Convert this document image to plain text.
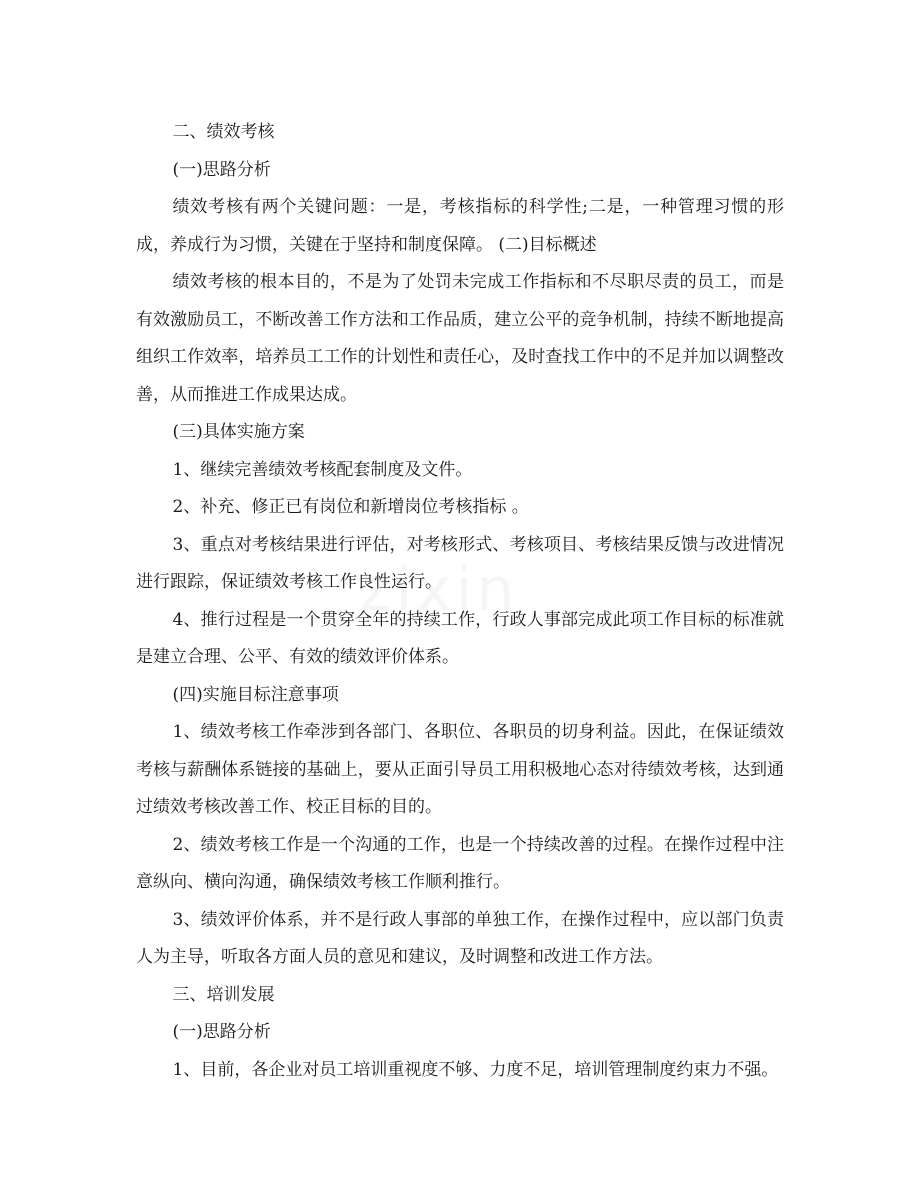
二、绩效考核

(一)思路分析

绩效考核有两个关键问题：一是，考核指标的科学性;二是，一种管理习惯的形成，养成行为习惯，关键在于坚持和制度保障。 (二)目标概述

绩效考核的根本目的，不是为了处罚未完成工作指标和不尽职尽责的员工，而是有效激励员工，不断改善工作方法和工作品质，建立公平的竞争机制，持续不断地提高组织工作效率，培养员工工作的计划性和责任心，及时查找工作中的不足并加以调整改善，从而推进工作成果达成。

(三)具体实施方案

1、继续完善绩效考核配套制度及文件。

2、补充、修正已有岗位和新增岗位考核指标 。

3、重点对考核结果进行评估，对考核形式、考核项目、考核结果反馈与改进情况进行跟踪，保证绩效考核工作良性运行。

4、推行过程是一个贯穿全年的持续工作，行政人事部完成此项工作目标的标准就是建立合理、公平、有效的绩效评价体系。

(四)实施目标注意事项

1、绩效考核工作牵涉到各部门、各职位、各职员的切身利益。因此，在保证绩效考核与薪酬体系链接的基础上，要从正面引导员工用积极地心态对待绩效考核，达到通过绩效考核改善工作、校正目标的目的。

2、绩效考核工作是一个沟通的工作，也是一个持续改善的过程。在操作过程中注意纵向、横向沟通，确保绩效考核工作顺利推行。

3、绩效评价体系，并不是行政人事部的单独工作，在操作过程中，应以部门负责人为主导，听取各方面人员的意见和建议，及时调整和改进工作方法。

三、培训发展

(一)思路分析

1、目前，各企业对员工培训重视度不够、力度不足，培训管理制度约束力不强。
